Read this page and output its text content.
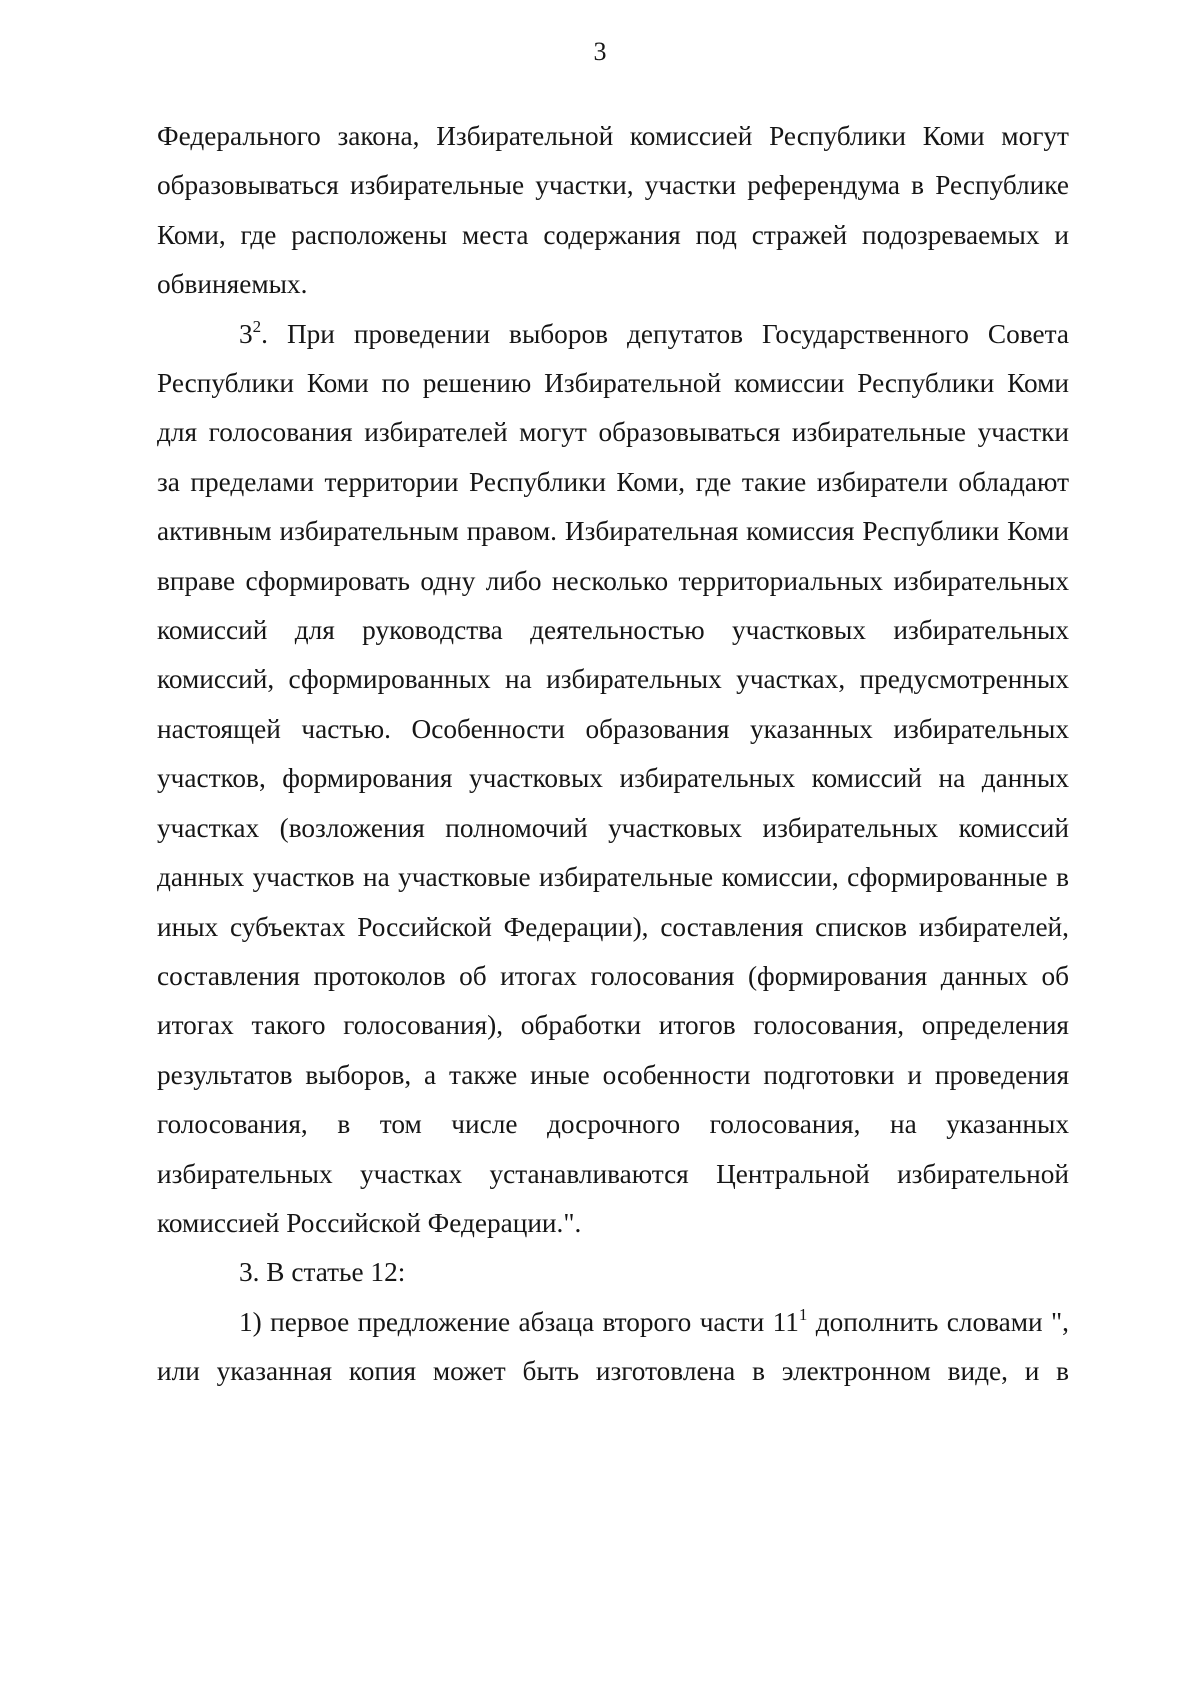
3

Федерального закона, Избирательной комиссией Республики Коми могут образовываться избирательные участки, участки референдума в Республике Коми, где расположены места содержания под стражей подозреваемых и обвиняемых.

$3^2$. При проведении выборов депутатов Государственного Совета Республики Коми по решению Избирательной комиссии Республики Коми для голосования избирателей могут образовываться избирательные участки за пределами территории Республики Коми, где такие избиратели обладают активным избирательным правом. Избирательная комиссия Республики Коми вправе сформировать одну либо несколько территориальных избирательных комиссий для руководства деятельностью участковых избирательных комиссий, сформированных на избирательных участках, предусмотренных настоящей частью. Особенности образования указанных избирательных участков, формирования участковых избирательных комиссий на данных участках (возложения полномочий участковых избирательных комиссий данных участков на участковые избирательные комиссии, сформированные в иных субъектах Российской Федерации), составления списков избирателей, составления протоколов об итогах голосования (формирования данных об итогах такого голосования), обработки итогов голосования, определения результатов выборов, а также иные особенности подготовки и проведения голосования, в том числе досрочного голосования, на указанных избирательных участках устанавливаются Центральной избирательной комиссией Российской Федерации.".

3. В статье 12:

1) первое предложение абзаца второго части $11^1$ дополнить словами ", или указанная копия может быть изготовлена в электронном виде, и в
